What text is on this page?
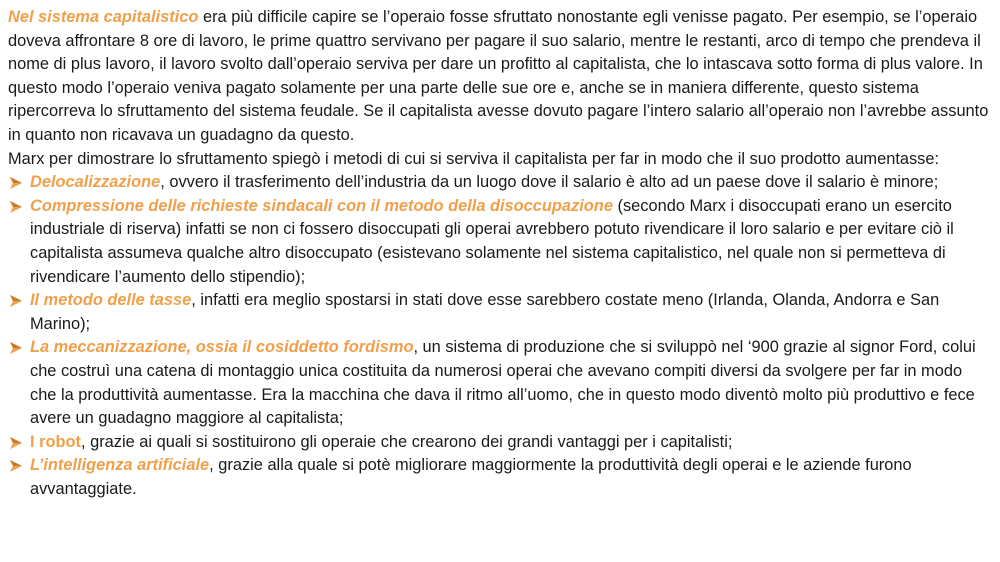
Nel sistema capitalistico era più difficile capire se l’operaio fosse sfruttato nonostante egli venisse pagato. Per esempio, se l’operaio doveva affrontare 8 ore di lavoro, le prime quattro servivano per pagare il suo salario, mentre le restanti, arco di tempo che prendeva il nome di plus lavoro, il lavoro svolto dall’operaio serviva per dare un profitto al capitalista, che lo intascava sotto forma di plus valore. In questo modo l’operaio veniva pagato solamente per una parte delle sue ore e, anche se in maniera differente, questo sistema ripercorreva lo sfruttamento del sistema feudale. Se il capitalista avesse dovuto pagare l’intero salario all’operaio non l’avrebbe assunto in quanto non ricavava un guadagno da questo.

Marx per dimostrare lo sfruttamento spiegò i metodi di cui si serviva il capitalista per far in modo che il suo prodotto aumentasse:

Delocalizzazione, ovvero il trasferimento dell’industria da un luogo dove il salario è alto ad un paese dove il salario è minore;
Compressione delle richieste sindacali con il metodo della disoccupazione (secondo Marx i disoccupati erano un esercito industriale di riserva) infatti se non ci fossero disoccupati gli operai avrebbero potuto rivendicare il loro salario e per evitare ciò il capitalista assumeva qualche altro disoccupato (esistevano solamente nel sistema capitalistico, nel quale non si permetteva di rivendicare l’aumento dello stipendio);
Il metodo delle tasse, infatti era meglio spostarsi in stati dove esse sarebbero costate meno (Irlanda, Olanda, Andorra e San Marino);
La meccanizzazione, ossia il cosiddetto fordismo, un sistema di produzione che si sviluppò nel ‘900 grazie al signor Ford, colui che costruì una catena di montaggio unica costituita da numerosi operai che avevano compiti diversi da svolgere per far in modo che la produttività aumentasse. Era la macchina che dava il ritmo all’uomo, che in questo modo diventò molto più produttivo e fece avere un guadagno maggiore al capitalista;
I robot, grazie ai quali si sostituirono gli operaie che crearono dei grandi vantaggi per i capitalisti;
L’intelligenza artificiale, grazie alla quale si potè migliorare maggiormente la produttività degli operai e le aziende furono avvantaggiate.
